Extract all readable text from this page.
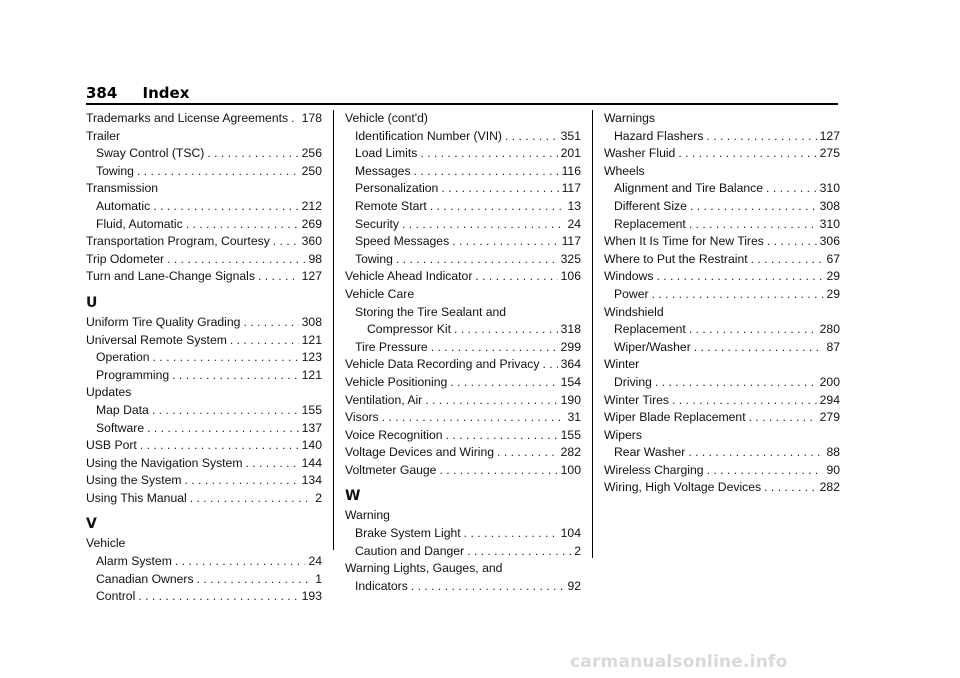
384 Index
Trademarks and License Agreements . . . 178
Trailer
Sway Control (TSC) . . .	256
Towing . . .	250
Transmission
Automatic . . .	212
Fluid, Automatic . . .	269
Transportation Program, Courtesy . . .	360
Trip Odometer . . .	98
Turn and Lane-Change Signals . . .	127
U
Uniform Tire Quality Grading . . .	308
Universal Remote System . . .	121
Operation . . .	123
Programming . . .	121
Updates
Map Data . . .	155
Software . . .	137
USB Port . . .	140
Using the Navigation System . . .	144
Using the System . . .	134
Using This Manual . . .	2
V
Vehicle
Alarm System . . .	24
Canadian Owners . . .	1
Control . . .	193
Vehicle (cont'd)
Identification Number (VIN) . . .	351
Load Limits . . .	201
Messages . . .	116
Personalization . . .	117
Remote Start . . .	13
Security . . .	24
Speed Messages . . .	117
Towing . . .	325
Vehicle Ahead Indicator . . .	106
Vehicle Care
Storing the Tire Sealant and
Compressor Kit . . .	318
Tire Pressure . . .	299
Vehicle Data Recording and Privacy . . . 364
Vehicle Positioning . . .	154
Ventilation, Air . . .	190
Visors . . .	31
Voice Recognition . . .	155
Voltage Devices and Wiring . . .	282
Voltmeter Gauge . . .	100
W
Warning
Brake System Light . . .	104
Caution and Danger . . .	2
Warning Lights, Gauges, and
Indicators . . .	92
Warnings
Hazard Flashers . . .	127
Washer Fluid . . .	275
Wheels
Alignment and Tire Balance . . .	310
Different Size . . .	308
Replacement . . .	310
When It Is Time for New Tires . . .	306
Where to Put the Restraint . . .	67
Windows . . .	29
Power . . .	29
Windshield
Replacement . . .	280
Wiper/Washer . . .	87
Winter
Driving . . .	200
Winter Tires . . .	294
Wiper Blade Replacement . . .	279
Wipers
Rear Washer . . .	88
Wireless Charging . . .	90
Wiring, High Voltage Devices . . .	282
carmanualsonline.info
